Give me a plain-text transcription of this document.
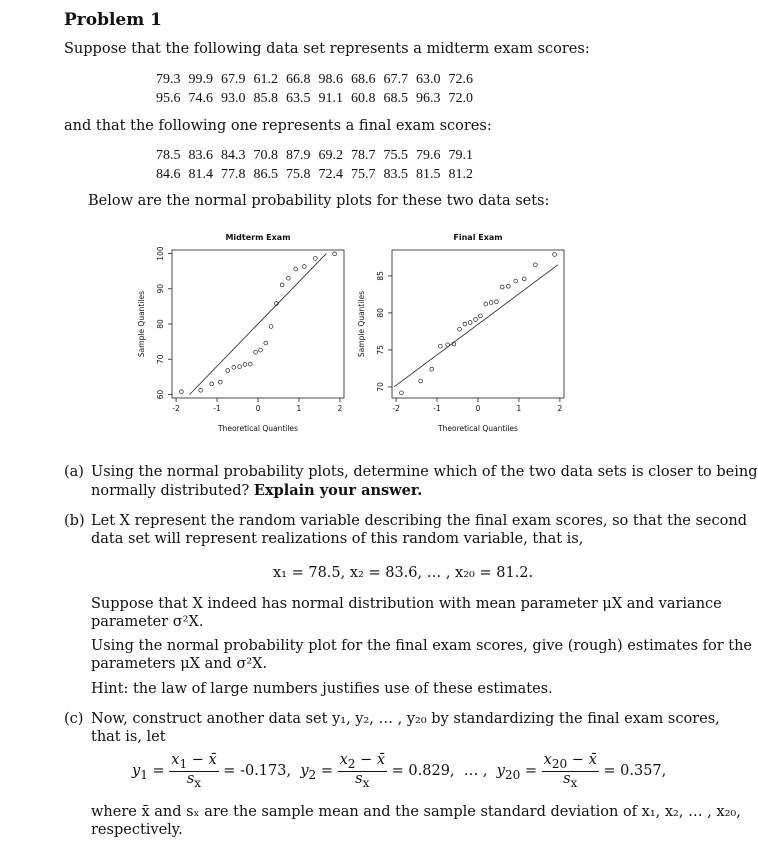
Problem 1
Suppose that the following data set represents a midterm exam scores:
79.3	99.9	67.9	61.2	66.8	98.6	68.6	67.7	63.0	72.6
95.6	74.6	93.0	85.8	63.5	91.1	60.8	68.5	96.3	72.0
and that the following one represents a final exam scores:
78.5	83.6	84.3	70.8	87.9	69.2	78.7	75.5	79.6	79.1
84.6	81.4	77.8	86.5	75.8	72.4	75.7	83.5	81.5	81.2
Below are the normal probability plots for these two data sets:
Midterm Exam
Theoretical Quantiles
Sample Quantiles
-2	-1	0	1	2
60
70
80
90
100
Final Exam
Theoretical Quantiles
Sample Quantiles
-2	-1	0	1	2
70
75
80
85
(a) Using the normal probability plots, determine which of the two data sets is closer to being
normally distributed? Explain your answer.
(b) Let X represent the random variable describing the final exam scores, so that the second
data set will represent realizations of this random variable, that is,
x₁ = 78.5, x₂ = 83.6, … , x₂₀ = 81.2.
Suppose that X indeed has normal distribution with mean parameter μX and variance
parameter σ²X.
Using the normal probability plot for the final exam scores, give (rough) estimates for the
parameters μX and σ²X.
Hint: the law of large numbers justifies use of these estimates.
(c) Now, construct another data set y₁, y₂, … , y₂₀ by standardizing the final exam scores,
that is, let
$y_1 = \frac{x_1 - x̄}{s_x} = -0.173$,  $y_2 = \frac{x_2 - x̄}{s_x} = 0.829$,  … ,  $y_{20} = \frac{x_{20} - x̄}{s_x} = 0.357$,
where x̄ and sₓ are the sample mean and the sample standard deviation of x₁, x₂, … , x₂₀,
respectively.
